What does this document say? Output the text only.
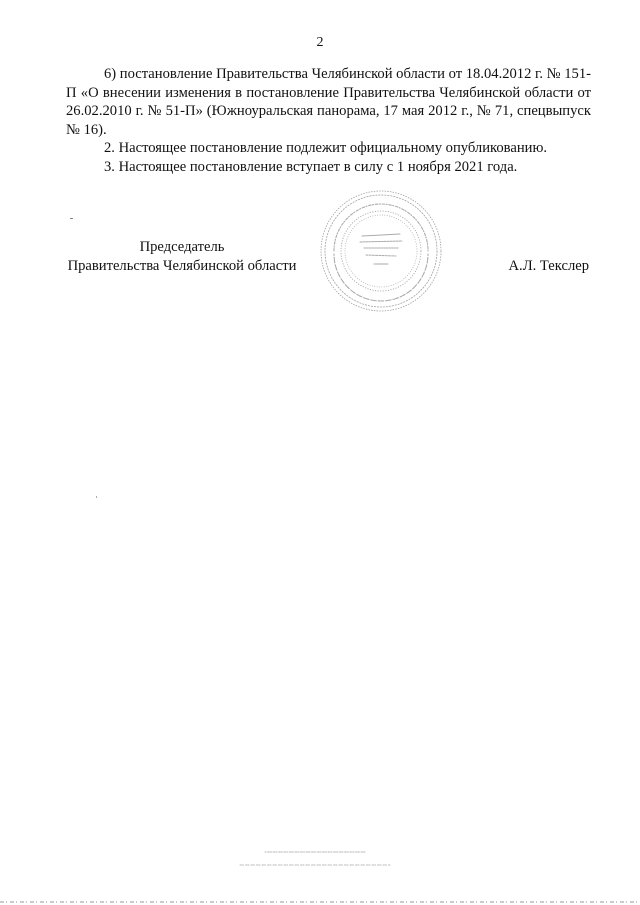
2

6) постановление Правительства Челябинской области от 18.04.2012 г. № 151-П «О внесении изменения в постановление Правительства Челябинской области от 26.02.2010 г. № 51-П» (Южноуральская панорама, 17 мая 2012 г., № 71, спецвыпуск № 16).

2. Настоящее постановление подлежит официальному опубликованию.

3. Настоящее постановление вступает в силу с 1 ноября 2021 года.

Председатель
Правительства Челябинской области	А.Л. Текслер
